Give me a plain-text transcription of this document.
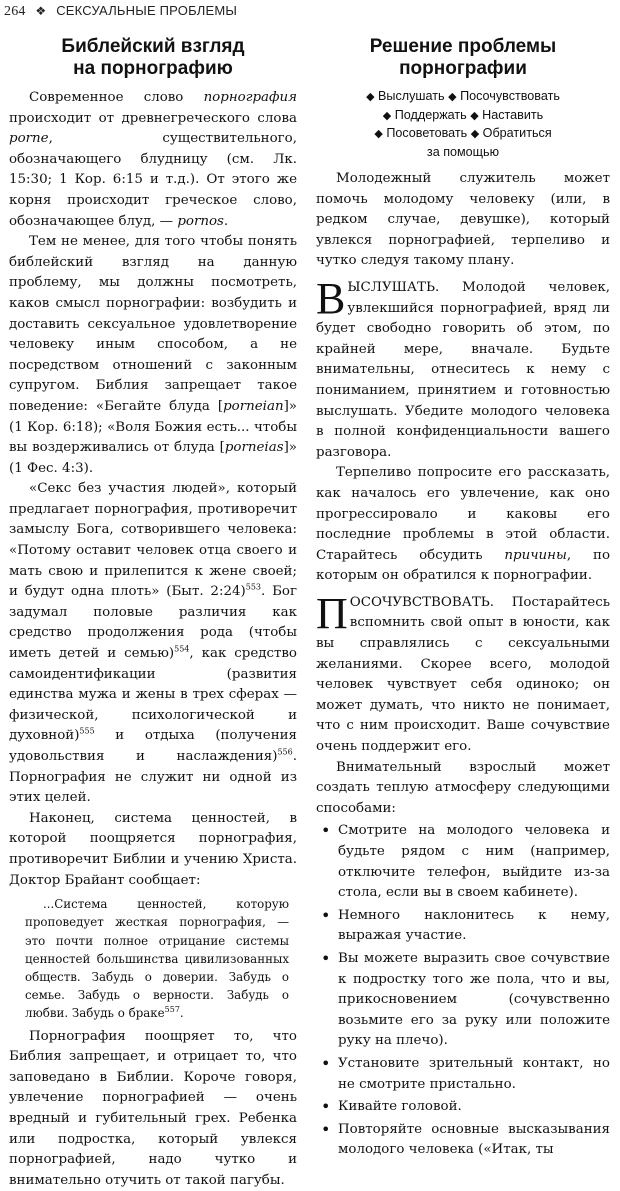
264 ❖ СЕКСУАЛЬНЫЕ ПРОБЛЕМЫ
Библейский взгляд
на порнографию

Современное слово порнография происходит от древнегреческого слова porne, существительного, обозначающего блудницу (см. Лк. 15:30; 1 Кор. 6:15 и т.д.). От этого же корня происходит греческое слово, обозначающее блуд, — pornos.

Тем не менее, для того чтобы понять библейский взгляд на данную проблему, мы должны посмотреть, каков смысл порнографии: возбудить и доставить сексуальное удовлетворение человеку иным способом, а не посредством отношений с законным супругом. Библия запрещает такое поведение: «Бегайте блуда [porneian]» (1 Кор. 6:18); «Воля Божия есть... чтобы вы воздерживались от блуда [porneias]» (1 Фес. 4:3).

«Секс без участия людей», который предлагает порнография, противоречит замыслу Бога, сотворившего человека: «Потому оставит человек отца своего и мать свою и прилепится к жене своей; и будут одна плоть» (Быт. 2:24)$^{553}$. Бог задумал половые различия как средство продолжения рода (чтобы иметь детей и семью)$^{554}$, как средство самоидентификации (развития единства мужа и жены в трех сферах — физической, психологической и духовной)$^{555}$ и отдыха (получения удовольствия и наслаждения)$^{556}$. Порнография не служит ни одной из этих целей.

Наконец, система ценностей, в которой поощряется порнография, противоречит Библии и учению Христа. Доктор Брайант сообщает:

...Система ценностей, которую проповедует жесткая порнография, — это почти полное отрицание системы ценностей большинства цивилизованных обществ. Забудь о доверии. Забудь о семье. Забудь о верности. Забудь о любви. Забудь о браке$^{557}$.

Порнография поощряет то, что Библия запрещает, и отрицает то, что заповедано в Библии. Короче говоря, увлечение порнографией — очень вредный и губительный грех. Ребенка или подростка, который увлекся порнографией, надо чутко и внимательно отучить от такой пагубы.

Решение проблемы
порнографии
◆ Выслушать ◆ Посочувствовать
◆ Поддержать ◆ Наставить
◆ Посоветовать ◆ Обратиться
за помощью

Молодежный служитель может помочь молодому человеку (или, в редком случае, девушке), который увлекся порнографией, терпеливо и чутко следуя такому плану.

ВЫСЛУШАТЬ. Молодой человек, увлекшийся порнографией, вряд ли будет свободно говорить об этом, по крайней мере, вначале. Будьте внимательны, отнеситесь к нему с пониманием, принятием и готовностью выслушать. Убедите молодого человека в полной конфиденциальности вашего разговора.

Терпеливо попросите его рассказать, как началось его увлечение, как оно прогрессировало и каковы его последние проблемы в этой области. Старайтесь обсудить причины, по которым он обратился к порнографии.

ПОСОЧУВСТВОВАТЬ. Постарайтесь вспомнить свой опыт в юности, как вы справлялись с сексуальными желаниями. Скорее всего, молодой человек чувствует себя одиноко; он может думать, что никто не понимает, что с ним происходит. Ваше сочувствие очень поддержит его.

Внимательный взрослый может создать теплую атмосферу следующими способами:

• Смотрите на молодого человека и будьте рядом с ним (например, отключите телефон, выйдите из-за стола, если вы в своем кабинете).
• Немного наклонитесь к нему, выражая участие.
• Вы можете выразить свое сочувствие к подростку того же пола, что и вы, прикосновением (сочувственно возьмите его за руку или положите руку на плечо).
• Установите зрительный контакт, но не смотрите пристально.
• Кивайте головой.
• Повторяйте основные высказывания молодого человека («Итак, ты
